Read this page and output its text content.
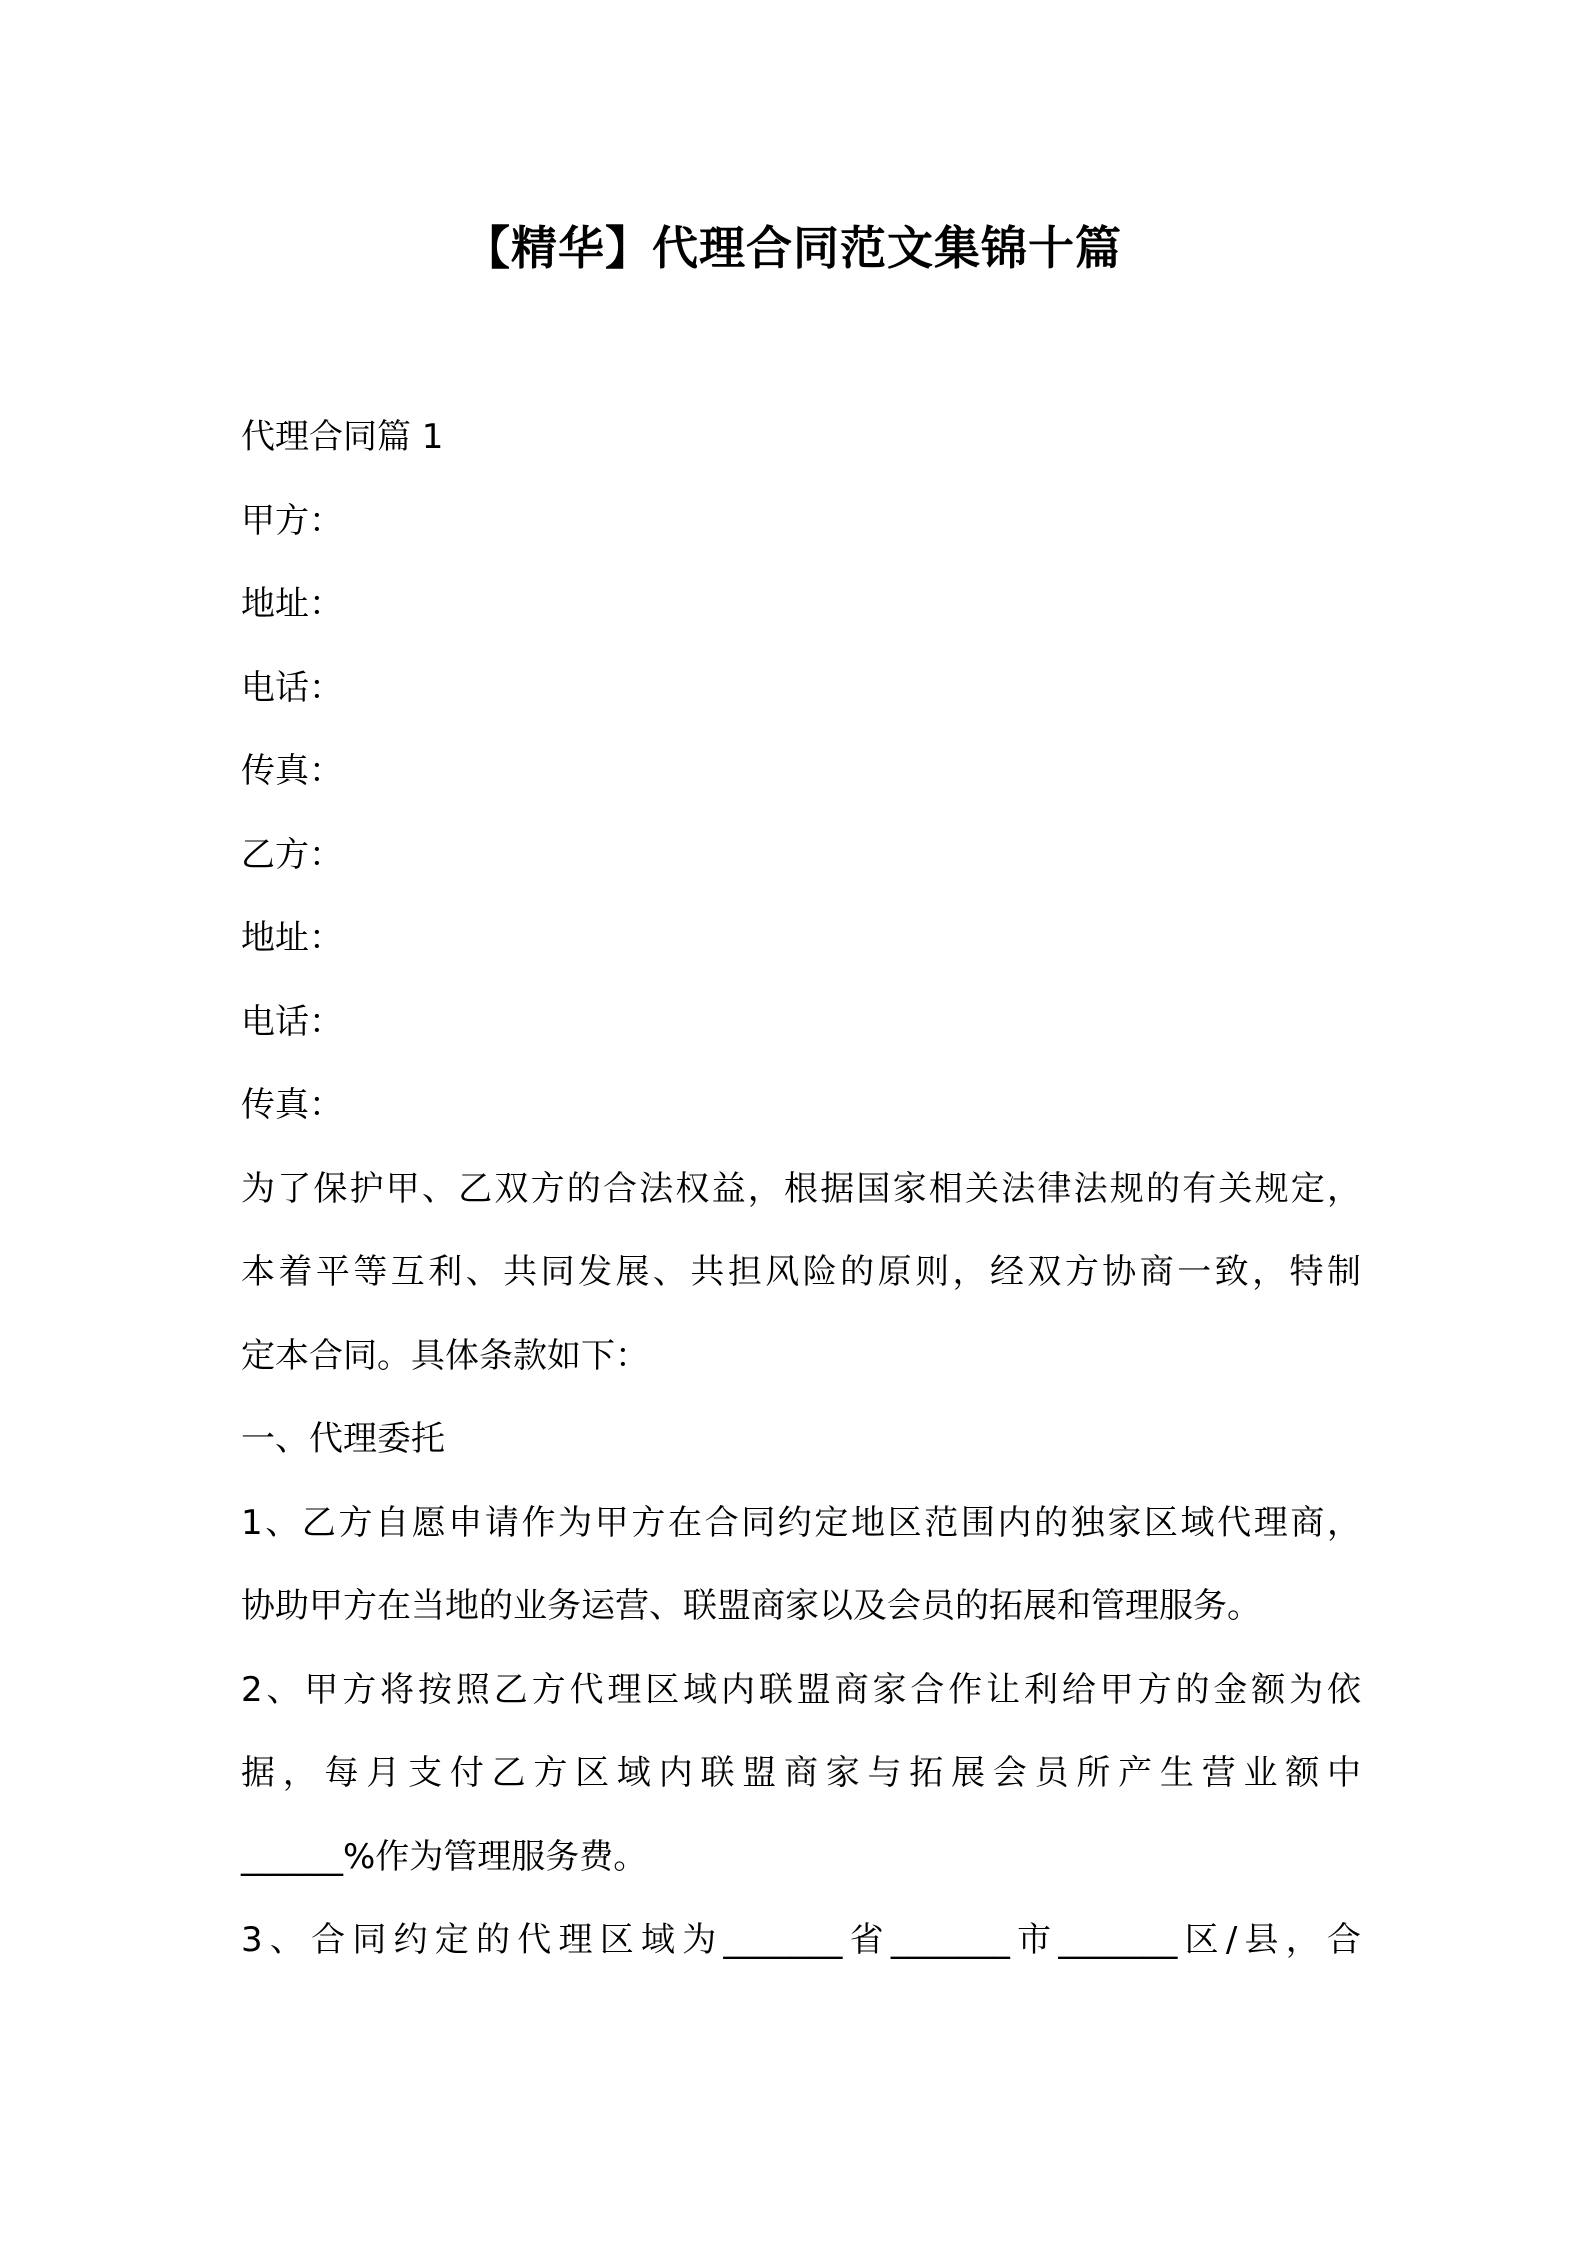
【精华】代理合同范文集锦十篇

代理合同篇 1

甲方：

地址：

电话：

传真：

乙方：

地址：

电话：

传真：

为了保护甲、乙双方的合法权益，根据国家相关法律法规的有关规定，

本着平等互利、共同发展、共担风险的原则，经双方协商一致，特制

定本合同。具体条款如下：

一、代理委托

1、乙方自愿申请作为甲方在合同约定地区范围内的独家区域代理商，

协助甲方在当地的业务运营、联盟商家以及会员的拓展和管理服务。

2、甲方将按照乙方代理区域内联盟商家合作让利给甲方的金额为依

据，每月支付乙方区域内联盟商家与拓展会员所产生营业额中

______%作为管理服务费。

3、合同约定的代理区域为_______省_______市_______区/县，合
